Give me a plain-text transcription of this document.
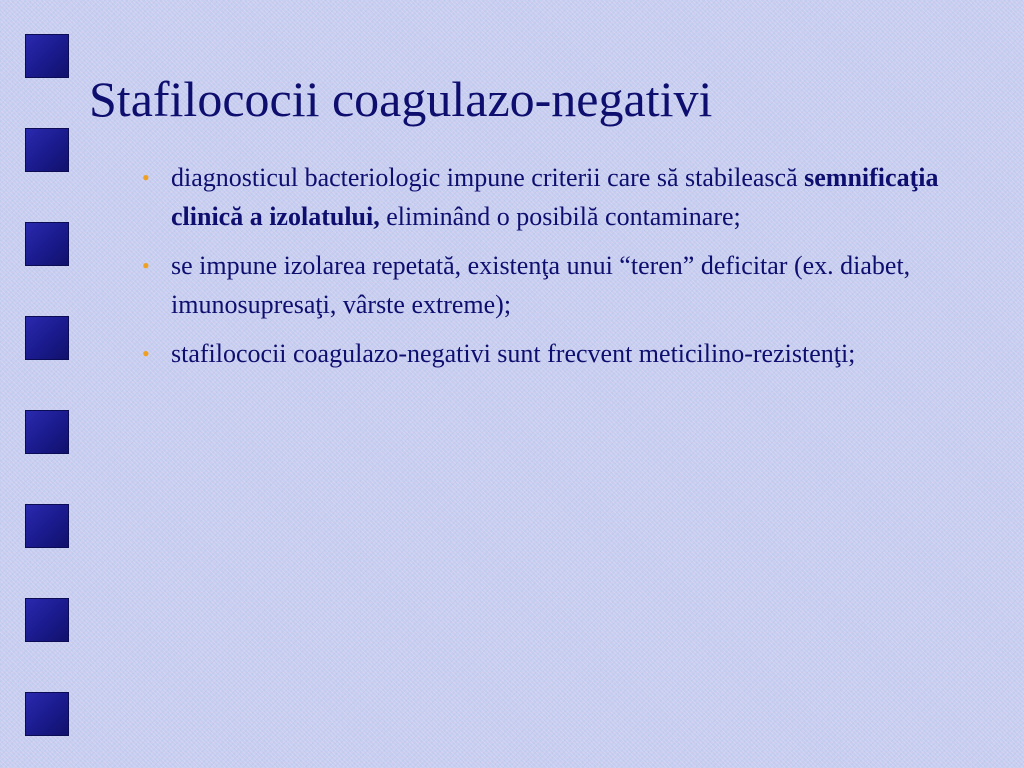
Stafilococii coagulazo-negativi
• diagnosticul bacteriologic impune criterii care să stabilească semnificaţia clinică a izolatului, eliminând o posibilă contaminare;
• se impune izolarea repetată, existenţa unui “teren” deficitar (ex. diabet, imunosupresaţi, vârste extreme);
• stafilococii coagulazo-negativi sunt frecvent meticilino-rezistenţi;
